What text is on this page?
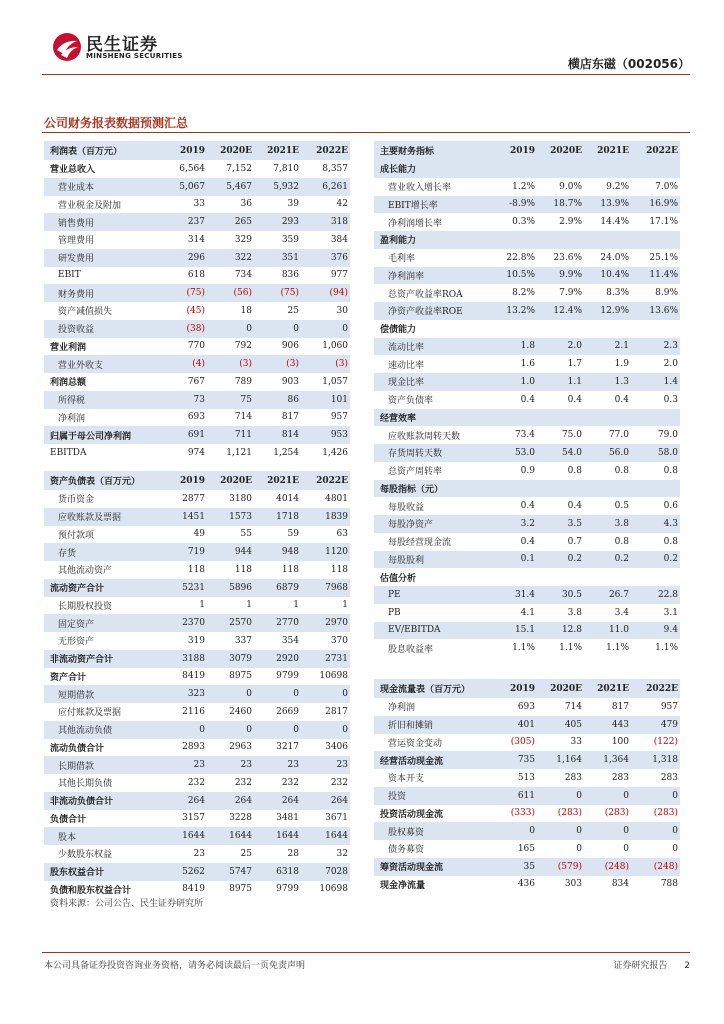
民生证券
MINSHENG SECURITIES
横店东磁（002056）
公司财务报表数据预测汇总
利润表（百万元）	2019	2020E	2021E	2022E
营业总收入	6,564	7,152	7,810	8,357
营业成本	5,067	5,467	5,932	6,261
营业税金及附加	33	36	39	42
销售费用	237	265	293	318
管理费用	314	329	359	384
研发费用	296	322	351	376
EBIT	618	734	836	977
财务费用	(75)	(56)	(75)	(94)
资产减值损失	(45)	18	25	30
投资收益	(38)	0	0	0
营业利润	770	792	906	1,060
营业外收支	(4)	(3)	(3)	(3)
利润总额	767	789	903	1,057
所得税	73	75	86	101
净利润	693	714	817	957
归属于母公司净利润	691	711	814	953
EBITDA	974	1,121	1,254	1,426
资产负债表（百万元）	2019	2020E	2021E	2022E
货币资金	2877	3180	4014	4801
应收账款及票据	1451	1573	1718	1839
预付款项	49	55	59	63
存货	719	944	948	1120
其他流动资产	118	118	118	118
流动资产合计	5231	5896	6879	7968
长期股权投资	1	1	1	1
固定资产	2370	2570	2770	2970
无形资产	319	337	354	370
非流动资产合计	3188	3079	2920	2731
资产合计	8419	8975	9799	10698
短期借款	323	0	0	0
应付账款及票据	2116	2460	2669	2817
其他流动负债	0	0	0	0
流动负债合计	2893	2963	3217	3406
长期借款	23	23	23	23
其他长期负债	232	232	232	232
非流动负债合计	264	264	264	264
负债合计	3157	3228	3481	3671
股本	1644	1644	1644	1644
少数股东权益	23	25	28	32
股东权益合计	5262	5747	6318	7028
负债和股东权益合计	8419	8975	9799	10698
主要财务指标	2019	2020E	2021E	2022E
成长能力				
营业收入增长率	1.2%	9.0%	9.2%	7.0%
EBIT增长率	-8.9%	18.7%	13.9%	16.9%
净利润增长率	0.3%	2.9%	14.4%	17.1%
盈利能力				
毛利率	22.8%	23.6%	24.0%	25.1%
净利润率	10.5%	9.9%	10.4%	11.4%
总资产收益率ROA	8.2%	7.9%	8.3%	8.9%
净资产收益率ROE	13.2%	12.4%	12.9%	13.6%
偿债能力				
流动比率	1.8	2.0	2.1	2.3
速动比率	1.6	1.7	1.9	2.0
现金比率	1.0	1.1	1.3	1.4
资产负债率	0.4	0.4	0.4	0.3
经营效率				
应收账款周转天数	73.4	75.0	77.0	79.0
存货周转天数	53.0	54.0	56.0	58.0
总资产周转率	0.9	0.8	0.8	0.8
每股指标（元）				
每股收益	0.4	0.4	0.5	0.6
每股净资产	3.2	3.5	3.8	4.3
每股经营现金流	0.4	0.7	0.8	0.8
每股股利	0.1	0.2	0.2	0.2
估值分析				
PE	31.4	30.5	26.7	22.8
PB	4.1	3.8	3.4	3.1
EV/EBITDA	15.1	12.8	11.0	9.4
股息收益率	1.1%	1.1%	1.1%	1.1%
现金流量表（百万元）	2019	2020E	2021E	2022E
净利润	693	714	817	957
折旧和摊销	401	405	443	479
营运资金变动	(305)	33	100	(122)
经营活动现金流	735	1,164	1,364	1,318
资本开支	513	283	283	283
投资	611	0	0	0
投资活动现金流	(333)	(283)	(283)	(283)
股权募资	0	0	0	0
债务募资	165	0	0	0
筹资活动现金流	35	(579)	(248)	(248)
现金净流量	436	303	834	788
资料来源：公司公告、民生证券研究所
本公司具备证券投资咨询业务资格，请务必阅读最后一页免责声明	证券研究报告 2
